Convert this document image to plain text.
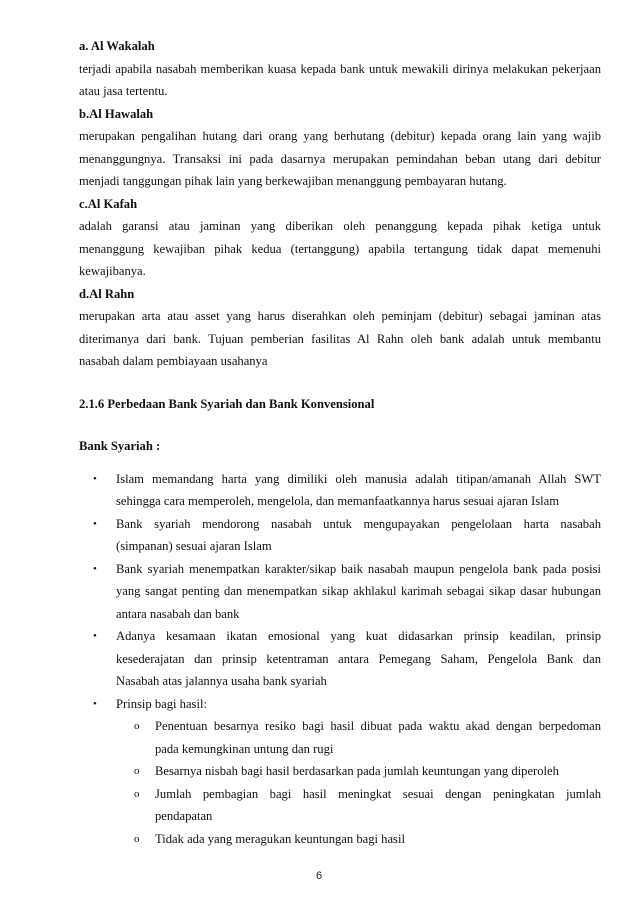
a. Al Wakalah
terjadi apabila nasabah memberikan kuasa kepada bank untuk mewakili dirinya melakukan pekerjaan
atau jasa tertentu.
b.Al Hawalah
merupakan pengalihan hutang dari orang yang berhutang (debitur) kepada orang lain yang wajib
menanggungnya. Transaksi ini pada dasarnya merupakan pemindahan beban utang dari debitur
menjadi tanggungan pihak lain yang berkewajiban menanggung pembayaran hutang.
c.Al Kafah
adalah garansi atau jaminan yang diberikan oleh penanggung kepada pihak ketiga untuk
menanggung kewajiban pihak kedua (tertanggung) apabila tertangung tidak dapat memenuhi
kewajibanya.
d.Al Rahn
merupakan arta atau asset yang harus diserahkan oleh peminjam (debitur) sebagai jaminan atas
diterimanya dari bank. Tujuan pemberian fasilitas Al Rahn oleh bank adalah untuk membantu
nasabah dalam pembiayaan usahanya
2.1.6 Perbedaan Bank Syariah dan Bank Konvensional
Bank Syariah :
• Islam memandang harta yang dimiliki oleh manusia adalah titipan/amanah Allah SWT
sehingga cara memperoleh, mengelola, dan memanfaatkannya harus sesuai ajaran Islam
• Bank syariah mendorong nasabah untuk mengupayakan pengelolaan harta nasabah
(simpanan) sesuai ajaran Islam
• Bank syariah menempatkan karakter/sikap baik nasabah maupun pengelola bank pada posisi
yang sangat penting dan menempatkan sikap akhlakul karimah sebagai sikap dasar hubungan
antara nasabah dan bank
• Adanya kesamaan ikatan emosional yang kuat didasarkan prinsip keadilan, prinsip
kesederajatan dan prinsip ketentraman antara Pemegang Saham, Pengelola Bank dan
Nasabah atas jalannya usaha bank syariah
• Prinsip bagi hasil:
o Penentuan besarnya resiko bagi hasil dibuat pada waktu akad dengan berpedoman
pada kemungkinan untung dan rugi
o Besarnya nisbah bagi hasil berdasarkan pada jumlah keuntungan yang diperoleh
o Jumlah pembagian bagi hasil meningkat sesuai dengan peningkatan jumlah
pendapatan
o Tidak ada yang meragukan keuntungan bagi hasil
6
